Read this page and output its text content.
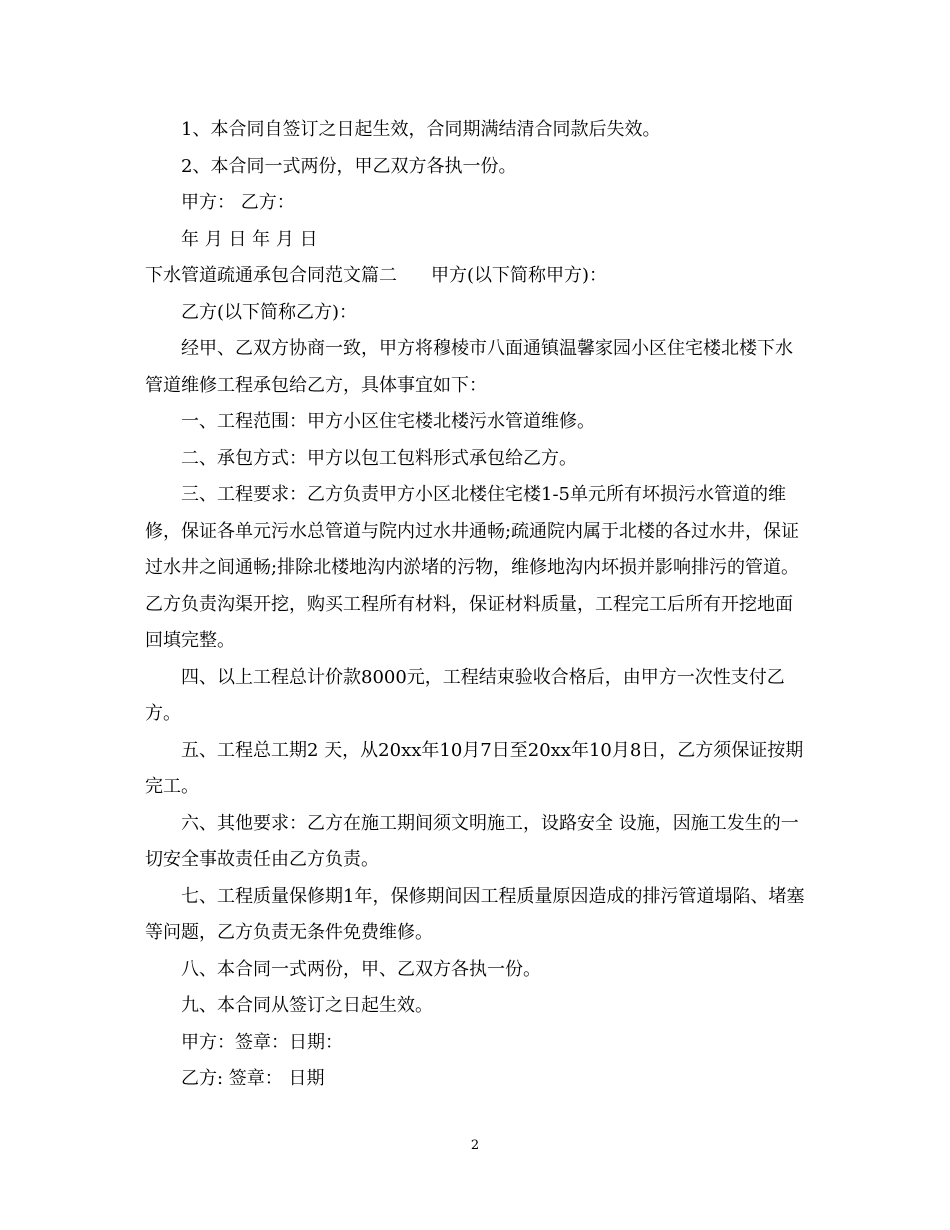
1、本合同自签订之日起生效，合同期满结清合同款后失效。

2、本合同一式两份，甲乙双方各执一份。

甲方： 乙方：

年 月 日 年 月 日

下水管道疏通承包合同范文篇二 甲方(以下简称甲方)：

乙方(以下简称乙方)：

经甲、乙双方协商一致，甲方将穆棱市八面通镇温馨家园小区住宅楼北楼下水管道维修工程承包给乙方，具体事宜如下：

一、工程范围：甲方小区住宅楼北楼污水管道维修。

二、承包方式：甲方以包工包料形式承包给乙方。

三、工程要求：乙方负责甲方小区北楼住宅楼1-5单元所有坏损污水管道的维修，保证各单元污水总管道与院内过水井通畅;疏通院内属于北楼的各过水井，保证过水井之间通畅;排除北楼地沟内淤堵的污物，维修地沟内坏损并影响排污的管道。乙方负责沟渠开挖，购买工程所有材料，保证材料质量，工程完工后所有开挖地面回填完整。

四、以上工程总计价款8000元，工程结束验收合格后，由甲方一次性支付乙方。

五、工程总工期2 天，从20xx年10月7日至20xx年10月8日，乙方须保证按期完工。

六、其他要求：乙方在施工期间须文明施工，设路安全 设施，因施工发生的一切安全事故责任由乙方负责。

七、工程质量保修期1年，保修期间因工程质量原因造成的排污管道塌陷、堵塞等问题，乙方负责无条件免费维修。

八、本合同一式两份，甲、乙双方各执一份。

九、本合同从签订之日起生效。

甲方：签章：日期：

乙方: 签章： 日期

2
